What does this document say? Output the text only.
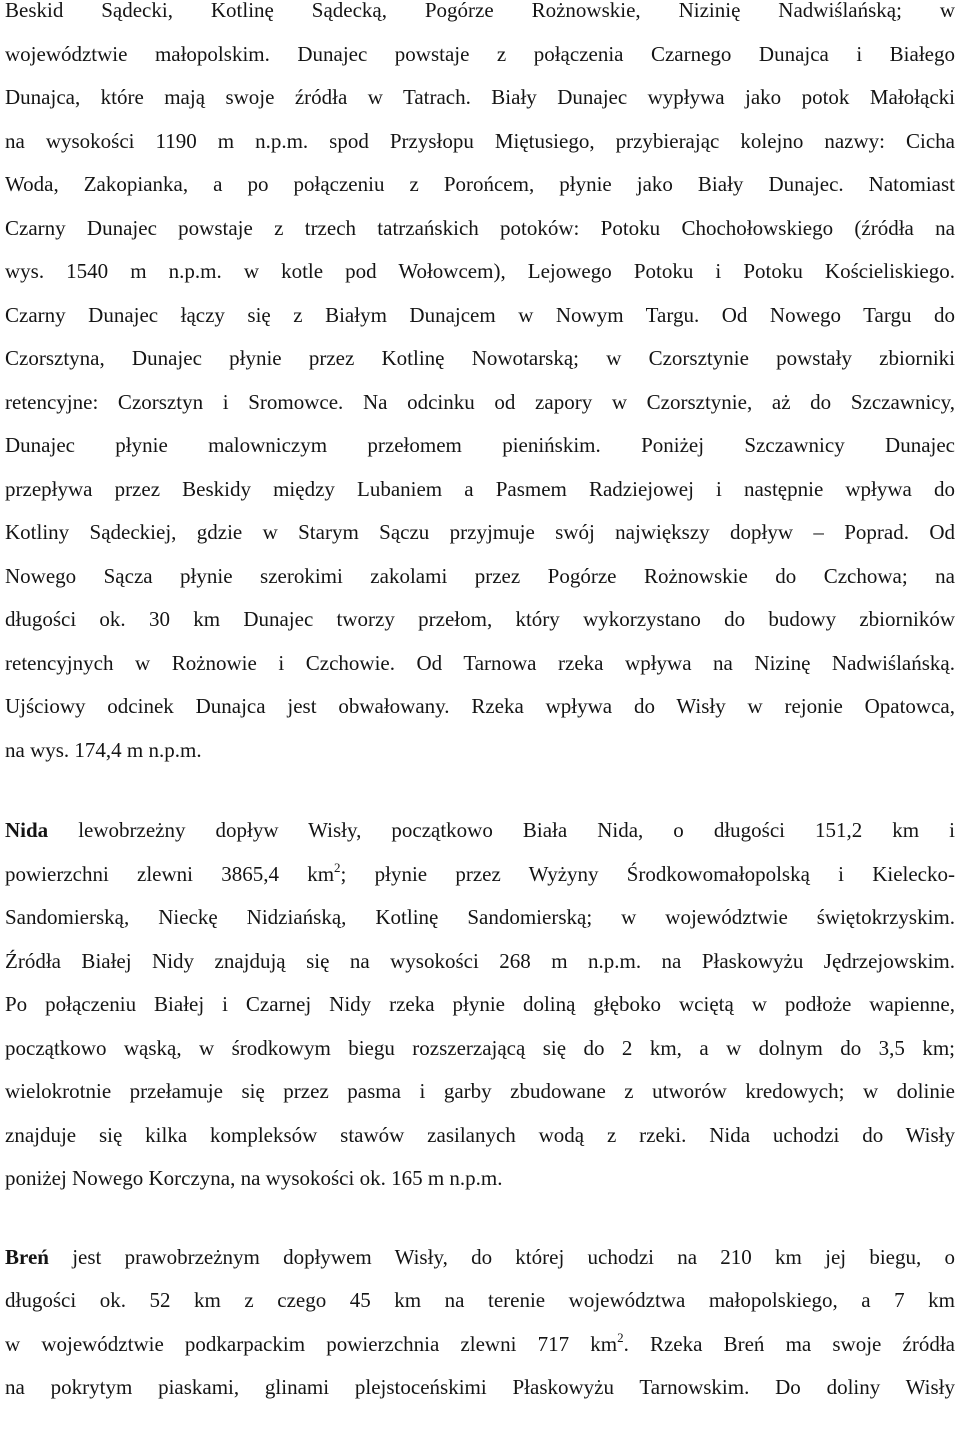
Beskid Sądecki, Kotlinę Sądecką, Pogórze Rożnowskie, Nizinię Nadwiślańską; w
województwie małopolskim. Dunajec powstaje z połączenia Czarnego Dunajca i Białego
Dunajca, które mają swoje źródła w Tatrach. Biały Dunajec wypływa jako potok Małołącki
na wysokości 1190 m n.p.m. spod Przysłopu Miętusiego, przybierając kolejno nazwy: Cicha
Woda, Zakopianka, a po połączeniu z Porońcem, płynie jako Biały Dunajec. Natomiast
Czarny Dunajec powstaje z trzech tatrzańskich potoków: Potoku Chochołowskiego (źródła na
wys. 1540 m n.p.m. w kotle pod Wołowcem), Lejowego Potoku i Potoku Kościeliskiego.
Czarny Dunajec łączy się z Białym Dunajcem w Nowym Targu. Od Nowego Targu do
Czorsztyna, Dunajec płynie przez Kotlinę Nowotarską; w Czorsztynie powstały zbiorniki
retencyjne: Czorsztyn i Sromowce. Na odcinku od zapory w Czorsztynie, aż do Szczawnicy,
Dunajec płynie malowniczym przełomem pienińskim. Poniżej Szczawnicy Dunajec
przepływa przez Beskidy między Lubaniem a Pasmem Radziejowej i następnie wpływa do
Kotliny Sądeckiej, gdzie w Starym Sączu przyjmuje swój największy dopływ – Poprad. Od
Nowego Sącza płynie szerokimi zakolami przez Pogórze Rożnowskie do Czchowa; na
długości ok. 30 km Dunajec tworzy przełom, który wykorzystano do budowy zbiorników
retencyjnych w Rożnowie i Czchowie. Od Tarnowa rzeka wpływa na Nizinę Nadwiślańską.
Ujściowy odcinek Dunajca jest obwałowany. Rzeka wpływa do Wisły w rejonie Opatowca,
na wys. 174,4 m n.p.m.
Nida lewobrzeżny dopływ Wisły, początkowo Biała Nida, o długości 151,2 km i
powierzchni zlewni 3865,4 $km^2$; płynie przez Wyżyny Środkowomałopolską i Kielecko-
Sandomierską, Nieckę Nidziańską, Kotlinę Sandomierską; w województwie świętokrzyskim.
Źródła Białej Nidy znajdują się na wysokości 268 m n.p.m. na Płaskowyżu Jędrzejowskim.
Po połączeniu Białej i Czarnej Nidy rzeka płynie doliną głęboko wciętą w podłoże wapienne,
początkowo wąską, w środkowym biegu rozszerzającą się do 2 km, a w dolnym do 3,5 km;
wielokrotnie przełamuje się przez pasma i garby zbudowane z utworów kredowych; w dolinie
znajduje się kilka kompleksów stawów zasilanych wodą z rzeki. Nida uchodzi do Wisły
poniżej Nowego Korczyna, na wysokości ok. 165 m n.p.m.
Breń jest prawobrzeżnym dopływem Wisły, do której uchodzi na 210 km jej biegu, o
długości ok. 52 km z czego 45 km na terenie województwa małopolskiego, a 7 km
w województwie podkarpackim powierzchnia zlewni 717 $km^2$. Rzeka Breń ma swoje źródła
na pokrytym piaskami, glinami plejstoceńskimi Płaskowyżu Tarnowskim. Do doliny Wisły
